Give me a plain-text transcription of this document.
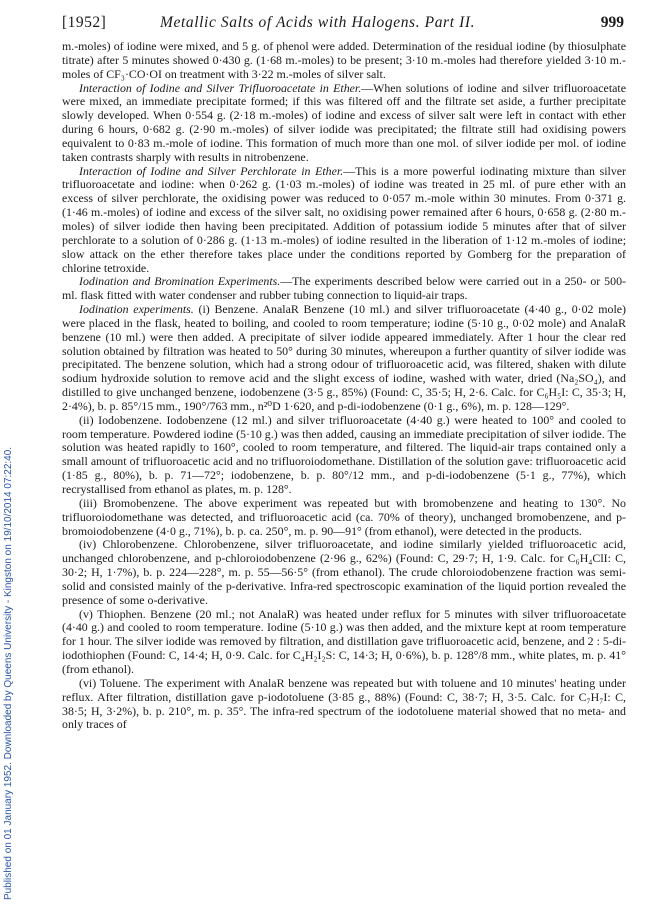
[1952]	Metallic Salts of Acids with Halogens. Part II.	999
Published on 01 January 1952. Downloaded by Queens University - Kingston on 19/10/2014 07:22:40.

m.-moles) of iodine were mixed, and 5 g. of phenol were added. Determination of the residual iodine (by thiosulphate titrate) after 5 minutes showed 0·430 g. (1·68 m.-moles) to be present; 3·10 m.-moles had therefore yielded 3·10 m.-moles of CF₃·CO·OI on treatment with 3·22 m.-moles of silver salt.

Interaction of Iodine and Silver Trifluoroacetate in Ether.—When solutions of iodine and silver trifluoroacetate were mixed, an immediate precipitate formed; if this was filtered off and the filtrate set aside, a further precipitate slowly developed. When 0·554 g. (2·18 m.-moles) of iodine and excess of silver salt were left in contact with ether during 6 hours, 0·682 g. (2·90 m.-moles) of silver iodide was precipitated; the filtrate still had oxidising powers equivalent to 0·83 m.-mole of iodine. This formation of much more than one mol. of silver iodide per mol. of iodine taken contrasts sharply with results in nitrobenzene.

Interaction of Iodine and Silver Perchlorate in Ether.—This is a more powerful iodinating mixture than silver trifluoroacetate and iodine: when 0·262 g. (1·03 m.-moles) of iodine was treated in 25 ml. of pure ether with an excess of silver perchlorate, the oxidising power was reduced to 0·057 m.-mole within 30 minutes. From 0·371 g. (1·46 m.-moles) of iodine and excess of the silver salt, no oxidising power remained after 6 hours, 0·658 g. (2·80 m.-moles) of silver iodide then having been precipitated. Addition of potassium iodide 5 minutes after that of silver perchlorate to a solution of 0·286 g. (1·13 m.-moles) of iodine resulted in the liberation of 1·12 m.-moles of iodine; slow attack on the ether therefore takes place under the conditions reported by Gomberg for the preparation of chlorine tetroxide.

Iodination and Bromination Experiments.—The experiments described below were carried out in a 250- or 500-ml. flask fitted with water condenser and rubber tubing connection to liquid-air traps.

Iodination experiments. (i) Benzene. AnalaR Benzene (10 ml.) and silver trifluoroacetate (4·40 g., 0·02 mole) were placed in the flask, heated to boiling, and cooled to room temperature; iodine (5·10 g., 0·02 mole) and AnalaR benzene (10 ml.) were then added. A precipitate of silver iodide appeared immediately. After 1 hour the clear red solution obtained by filtration was heated to 50° during 30 minutes, whereupon a further quantity of silver iodide was precipitated. The benzene solution, which had a strong odour of trifluoroacetic acid, was filtered, shaken with dilute sodium hydroxide solution to remove acid and the slight excess of iodine, washed with water, dried (Na₂SO₄), and distilled to give unchanged benzene, iodobenzene (3·5 g., 85%) (Found: C, 35·5; H, 2·6. Calc. for C₆H₅I: C, 35·3; H, 2·4%), b. p. 85°/15 mm., 190°/763 mm., n²⁰D 1·620, and p-di-iodobenzene (0·1 g., 6%), m. p. 128—129°.

(ii) Iodobenzene. Iodobenzene (12 ml.) and silver trifluoroacetate (4·40 g.) were heated to 100° and cooled to room temperature. Powdered iodine (5·10 g.) was then added, causing an immediate precipitation of silver iodide. The solution was heated rapidly to 160°, cooled to room temperature, and filtered. The liquid-air traps contained only a small amount of trifluoroacetic acid and no trifluoroiodomethane. Distillation of the solution gave: trifluoroacetic acid (1·85 g., 80%), b. p. 71—72°; iodobenzene, b. p. 80°/12 mm., and p-di-iodobenzene (5·1 g., 77%), which recrystallised from ethanol as plates, m. p. 128°.

(iii) Bromobenzene. The above experiment was repeated but with bromobenzene and heating to 130°. No trifluoroiodomethane was detected, and trifluoroacetic acid (ca. 70% of theory), unchanged bromobenzene, and p-bromoiodobenzene (4·0 g., 71%), b. p. ca. 250°, m. p. 90—91° (from ethanol), were detected in the products.

(iv) Chlorobenzene. Chlorobenzene, silver trifluoroacetate, and iodine similarly yielded trifluoroacetic acid, unchanged chlorobenzene, and p-chloroiodobenzene (2·96 g., 62%) (Found: C, 29·7; H, 1·9. Calc. for C₆H₄ClI: C, 30·2; H, 1·7%), b. p. 224—228°, m. p. 55—56·5° (from ethanol). The crude chloroiodobenzene fraction was semi-solid and consisted mainly of the p-derivative. Infra-red spectroscopic examination of the liquid portion revealed the presence of some o-derivative.

(v) Thiophen. Benzene (20 ml.; not AnalaR) was heated under reflux for 5 minutes with silver trifluoroacetate (4·40 g.) and cooled to room temperature. Iodine (5·10 g.) was then added, and the mixture kept at room temperature for 1 hour. The silver iodide was removed by filtration, and distillation gave trifluoroacetic acid, benzene, and 2 : 5-di-iodothiophen (Found: C, 14·4; H, 0·9. Calc. for C₄H₂I₂S: C, 14·3; H, 0·6%), b. p. 128°/8 mm., white plates, m. p. 41° (from ethanol).

(vi) Toluene. The experiment with AnalaR benzene was repeated but with toluene and 10 minutes' heating under reflux. After filtration, distillation gave p-iodotoluene (3·85 g., 88%) (Found: C, 38·7; H, 3·5. Calc. for C₇H₇I: C, 38·5; H, 3·2%), b. p. 210°, m. p. 35°. The infra-red spectrum of the iodotoluene material showed that no meta- and only traces of
